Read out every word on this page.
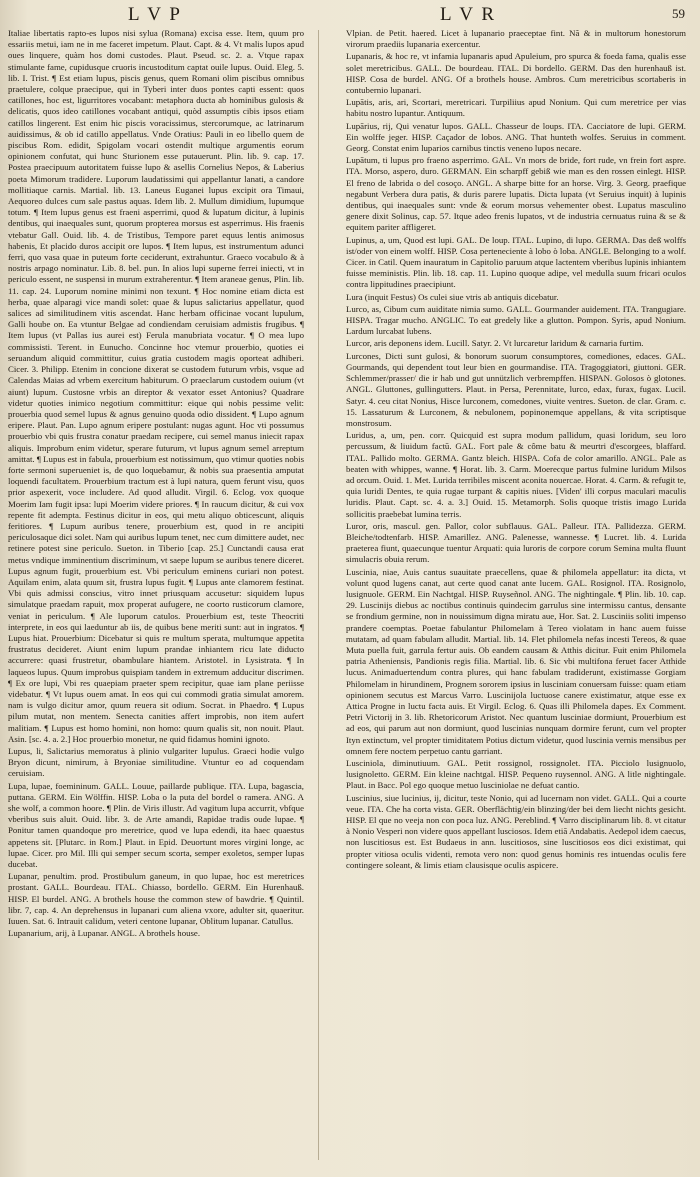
L V P	L V R	59

Italiae libertatis rapto-es lupos nisi sylua (Romana) excisa esse. Item, quum pro essariis metui, iam ne in me faceret impetum. Plaut. Capt. & 4. Vt malis lupos apud oues linquere, quàm hos domi custodes. Plaut. Pseud. sc. 2. a. Vtque rapax stimulante fame, cupidusque cruoris incustoditum captat ouile lupus. Ouid. Eleg. 5. lib. I. Trist. ¶ Est etiam lupus, piscis genus, quem Romani olim piscibus omnibus praetulere, colque praecipue, qui in Tyberi inter duos pontes capti essent: quos catillones, hoc est, ligurritores vocabant: metaphora ducta ab hominibus gulosis & delicatis, quos ideo catillones vocabant antiqui, quòd assumptis cibis ipsos etiam catillos lingerent. Est enim hic piscis voracissimus, stercorumque, ac latrinarum auidissimus, & ob id catillo appellatus. Vnde Oratius: Pauli in eo libello quem de piscibus Rom. edidit, Spigolam vocari ostendit multique argumentis eorum opinionem confutat, qui hunc Sturionem esse putauerunt. Plin. lib. 9. cap. 17. Postea praecipuum autoritatem fuisse lupo & asellis Cornelius Nepos, & Laberius poeta Mimorum tradidere. Luporum laudatissimi qui appellantur lanati, a candore mollitiaque carnis. Martial. lib. 13. Laneus Euganei lupus excipit ora Timaui, Aequoreo dulces cum sale pastus aquas. Idem lib. 2. Mullum dimidium, lupumque totum. ¶ Item lupus genus est fraeni asperrimi, quod & lupatum dicitur, à lupinis dentibus, qui inaequales sunt, quorum propterea morsus est asperrimus. His fraenis vtebatur Gall. Ouid. lib. 4. de Tristibus, Tempore paret equus lentis animosus habenis, Et placido duros accipit ore lupos. ¶ Item lupus, est instrumentum adunci ferri, quo vasa quae in puteum forte ceciderunt, extrahuntur. Graeco vocabulo & à nostris arpago nominatur. Lib. 8. bel. pun. In alios lupi superne ferrei iniecti, vt in periculo essent, ne suspensi in murum extraherentur. ¶ Item araneae genus, Plin. lib. 11. cap. 24. Luporum nomine minimi non texunt. ¶ Hoc nomine etiam dicta est herba, quae alparagi vice mandi solet: quae & lupus salictarius appellatur, quod salices ad similitudinem vitis ascendat. Hanc herbam officinae vocant lupulum, Galli hoube on. Ea vtuntur Belgae ad condiendam ceruisiam admistis frugibus. ¶ Item lupus (vt Pallas ius aurei est) Ferula manubriata vocatur. ¶ O mea lupo commissisti. Terent. in Eunucho. Concinne hoc vtemur prouerbio, quoties ei seruandum aliquid committitur, cuius gratia custodem magis oporteat adhiberi. Cicer. 3. Philipp. Etenim in concione dixerat se custodem futurum vrbis, vsque ad Calendas Maias ad vrbem exercitum habiturum. O praeclarum custodem ouium (vt aiunt) lupum. Custosne vrbis an direptor & vexator esset Antonius? Quadrare videtur quoties inimico negotium committitur: eique qui nobis pessime velit: prouerbia quod semel lupus & agnus genuino quoda odio dissident. ¶ Lupo agnum eripere. Plaut. Pan. Lupo agnum eripere postulant: nugas agunt. Hoc vti possumus prouerbio vbi quis frustra conatur praedam recipere, cui semel manus iniecit rapax aliquis. Improbum enim videtur, sperare futurum, vt lupus agnum semel arreptum amittat. ¶ Lupus est in fabula, prouerbium est notissimum, quo vtimur quoties nobis forte sermoni superueniet is, de quo loquebamur, & nobis sua praesentia amputat loquendi facultatem. Prouerbium tractum est à lupi natura, quem ferunt visu, quos prior aspexerit, voce includere. Ad quod alludit. Virgil. 6. Eclog. vox quoque Moerim Iam fugit ipsa: lupi Moerim videre priores. ¶ In raucum dicitur, & cui vox repente fit adempta. Festinus dicitur in eos, qui metu aliquo obticescunt, aliquis feritiores. ¶ Lupum auribus tenere, prouerbium est, quod in re ancipiti periculosaque dici solet. Nam qui auribus lupum tenet, nec cum dimittere audet, nec retinere potest sine periculo. Sueton. in Tiberio [cap. 25.] Cunctandi causa erat metus vndique imminentium discriminum, vt saepe lupum se auribus tenere diceret. Lupus agnum fugit, prouerbium est. Vbi periculum eminens curiari non potest. Aquilam enim, alata quum sit, frustra lupus fugit. ¶ Lupus ante clamorem festinat. Vbi quis admissi conscius, vitro innet priusquam accusetur: siquidem lupus simulatque praedam rapuit, mox properat aufugere, ne coorto rusticorum clamore, veniat in periculum. ¶ Ale luporum catulos. Prouerbium est, teste Theocriti interprete, in eos qui laeduntur ab iis, de quibus bene meriti sunt: aut in ingratos. ¶ Lupus hiat. Prouerbium: Dicebatur si quis re multum sperata, multumque appetita frustratus decideret. Aiunt enim lupum prandae inhiantem ricu late diducto accurrere: quasi frustretur, obambulare hiantem. Aristotel. in Lysistrata. ¶ In laqueos lupus. Quum improbus quispiam tandem in extremum adducitur discrimen. ¶ Ex ore lupi, Vbi res quaepiam praeter spem recipitur, quae iam plane periisse videbatur. ¶ Vt lupus ouem amat. In eos qui cui commodi gratia simulat amorem. nam is vulgo dicitur amor, quum reuera sit odium. Socrat. in Phaedro. ¶ Lupus pilum mutat, non mentem. Senecta canities affert improbis, non item aufert malitiam. ¶ Lupus est homo homini, non homo: quum qualis sit, non nouit. Plaut. Asin. [sc. 4. a. 2.] Hoc prouerbio monetur, ne quid fidamus homini ignoto.

Lupus, li, Salictarius memoratus à plinio vulgariter lupulus. Graeci hodie vulgo Bryon dicunt, nimirum, à Bryoniae similitudine. Vtuntur eo ad coquendam ceruisiam.

Lupa, lupae, foemininum. GALL. Louue, paillarde publique. ITA. Lupa, bagascia, puttana. GERM. Ein Wölffin. HISP. Loba o la puta del bordel o ramera. ANG. A she wolf, a common hoore. ¶ Plin. de Viris illustr. Ad vagitum lupa accurrit, vbfque vberibus suis aluit. Ouid. libr. 3. de Arte amandi, Rapidae tradis oude lupae. ¶ Ponitur tamen quandoque pro meretrice, quod ve lupa edendi, ita haec quaestus appetens sit. [Plutarc. in Rom.] Plaut. in Epid. Deuortunt mores virgini longe, ac lupae. Cicer. pro Mil. Illi qui semper secum scorta, semper exoletos, semper lupas ducebat.

Lupanar, penultim. prod. Prostibulum ganeum, in quo lupae, hoc est meretrices prostant. GALL. Bourdeau. ITAL. Chiasso, bordello. GERM. Ein Hurenhauß. HISP. El burdel. ANG. A brothels house the common stew of bawdrie. ¶ Quintil. libr. 7, cap. 4. An deprehensus in lupanari cum aliena vxore, adulter sit, quaeritur. Iuuen. Sat. 6. Intrauit calidum, veteri centone lupanar, Oblitum lupanar. Catullus.

Lupanarium, arij, à Lupanar. ANGL. A brothels house.

Vlpian. de Petit. haered. Licet à lupanario praeceptae fint. Nã & in multorum honestorum virorum praediis lupanaria exercentur.

Lupanaris, & hoc re, vt infamia lupanaris apud Apuleium, pro spurca & foeda fama, qualis esse solet meretricibus. GALL. De bourdeau. ITAL. Di bordello. GERM. Das den hurenhauß ist. HISP. Cosa de burdel. ANG. Of a brothels house. Ambros. Cum meretricibus scortaberis in contubernio lupanari.

Lupātis, aris, ari, Scortari, meretricari. Turpiliius apud Nonium. Qui cum meretrice per vias habitu nostro lupantur. Antiquum.

Lupārius, rij, Qui venatur lupos. GALL. Chasseur de loups. ITA. Cacciatore de lupi. GERM. Ein wolffe jeger. HISP. Caçador de lobos. ANG. That hunteth wolfes. Seruius in comment. Georg. Constat enim luparios carnibus tinctis veneno lupos necare.

Lupātum, ti lupus pro fraeno asperrimo. GAL. Vn mors de bride, fort rude, vn frein fort aspre. ITA. Morso, aspero, duro. GERMAN. Ein scharpff gebiß wie man es den rossen einlegt. HISP. El freno de labrida o del cosoço. ANGL. A sharpe bitte for an horse. Virg. 3. Georg. praefique negabunt Verbera dura patis, & duris parere lupatis. Dicta lupata (vt Seruius inquit) à lupinis dentibus, qui inaequales sunt: vnde & eorum morsus vehementer obest. Lupatus masculino genere dixit Solinus, cap. 57. Itque adeo frenis lupatos, vt de industria cernuatus ruina & se & equitem pariter affligeret.

Lupinus, a, um, Quod est lupi. GAL. De loup. ITAL. Lupino, di lupo. GERMA. Das deß wolffs ist/oder von einem wolff. HISP. Cosa perteneciente à lobo ò loba. ANGLE. Belonging to a wolf. Cicer. in Catil. Quem inauratum in Capitolio paruum atque lactentem vberibus lupinis inhiantem fuisse meministis. Plin. lib. 18. cap. 11. Lupino quoque adipe, vel medulla suum fricari oculos contra lippitudines praecipiunt.

Lura (inquit Festus) Os culei siue vtris ab antiquis dicebatur.

Lurco, as, Cibum cum auiditate nimia sumo. GALL. Gourmander auidement. ITA. Trangugiare. HISPA. Tragar mucho. ANGLIC. To eat gredely like a glutton. Pompon. Syris, apud Nonium. Lardum lurcabat lubens.

Lurcor, aris deponens idem. Lucill. Satyr. 2. Vt lurcaretur laridum & carnaria furtim.

Lurcones, Dicti sunt gulosi, & bonorum suorum consumptores, comediones, edaces. GAL. Gourmands, qui dependent tout leur bien en gourmandise. ITA. Tragoggiatori, giuttoni. GER. Schlemmer/prasser/ die ir hab und gut unnützlich verbrempffen. HISPAN. Golosos ò glotones. ANGL. Gluttones, gullingutters. Plaut. in Persa, Perennitate, lurco, edax, furax, fugax. Lucil. Satyr. 4. ceu citat Nonius, Hisce lurconem, comedones, viuite ventres. Sueton. de clar. Gram. c. 15. Lassaturum & Lurconem, & nebulonem, popinonemque appellans, & vita scriptisque monstrosum.

Luridus, a, um, pen. corr. Quicquid est supra modum pallidum, quasi loridum, seu loro percussum, & liuidum factū. GAL. Fort pale & côme batu & meurtri d'escorgees, blaffard. ITAL. Pallido molto. GERMA. Gantz bleich. HISPA. Cofa de color amarillo. ANGL. Pale as beaten with whippes, wanne. ¶ Horat. lib. 3. Carm. Moerecque partus fulmine luridum Milsos ad orcum. Ouid. 1. Met. Lurida terribiles miscent aconita nouercae. Horat. 4. Carm. & refugit te, quia luridi Dentes, te quia rugae turpant & capitis niues. [Viden' illi corpus maculari maculis luridis. Plaut. Capt. sc. 4. a. 3.] Ouid. 15. Metamorph. Solis quoque tristis imago Lurida sollicitis praebebat lumina terris.

Luror, oris, mascul. gen. Pallor, color subflauus. GAL. Palleur. ITA. Pallidezza. GERM. Bleiche/todtenfarb. HISP. Amarillez. ANG. Palenesse, wannesse. ¶ Lucret. lib. 4. Lurida praeterea fiunt, quaecunque tuentur Arquati: quia luroris de corpore corum Semina multa fluunt simulacris obuia rerum.

Luscinia, niae, Auis cantus suauitate praecellens, quae & philomela appellatur: ita dicta, vt volunt quod lugens canat, aut certe quod canat ante lucem. GAL. Rosignol. ITA. Rosignolo, lusignuole. GERM. Ein Nachtgal. HISP. Ruyseñnol. ANG. The nightingale. ¶ Plin. lib. 10. cap. 29. Luscinijs diebus ac noctibus continuis quindecim garrulus sine intermissu cantus, densante se frondium germine, non in nouissimum digna miratu aue, Hor. Sat. 2. Lusciniis soliti impenso prandere coemptas. Poetae fabulantur Philomelam à Tereo violatam in hanc auem fuisse mutatam, ad quam fabulam alludit. Martial. lib. 14. Flet philomela nefas incesti Tereos, & quae Muta puella fuit, garrula fertur auis. Ob eandem causam & Atthis dicitur. Fuit enim Philomela patria Atheniensis, Pandionis regis filia. Martial. lib. 6. Sic vbi multifona feruet facer Atthide lucus. Animaduertendum contra plures, qui hanc fabulam tradiderunt, existimasse Gorgiam Philomelam in hirundinem, Prognem sororem ipsius in lusciniam conuersam fuisse: quam etiam opinionem secutus est Marcus Varro. Luscinijola luctuose canere existimatur, atque esse ex Attica Progne in luctu facta auis. Et Virgil. Eclog. 6. Quas illi Philomela dapes. Ex Comment. Petri Victorij in 3. lib. Rhetoricorum Aristot. Nec quantum lusciniae dormiunt, Prouerbium est ad eos, qui parum aut non dormiunt, quod luscinias nunquam dormire ferunt, cum vel propter Ityn extinctum, vel propter timiditatem Potius dictum videtur, quod luscinia vernis mensibus per omnem fere noctem perpetuo cantu garriant.

Lusciniola, diminutiuum. GAL. Petit rossignol, rossignolet. ITA. Picciolo lusignuolo, lusignoletto. GERM. Ein kleine nachtgal. HISP. Pequeno ruysennol. ANG. A litle nightingale. Plaut. in Bacc. Pol ego quoque metuo lusciniolae ne defuat cantio.

Luscinius, siue lucinius, ij, dicitur, teste Nonio, qui ad lucernam non videt. GALL. Qui a courte veue. ITA. Che ha corta vista. GER. Oberflächtig/ein blinzing/der bei dem liecht nichts gesicht. HISP. El que no veeja non con poca luz. ANG. Pereblind. ¶ Varro disciplinarum lib. 8. vt citatur à Nonio Vesperi non videre quos appellant lusciosos. Idem etiā Andabatis. Aedepol idem caecus, non luscitiosus est. Est Budaeus in ann. luscitiosos, sine luscitiosos eos dici existimat, qui propter vitiosa oculis videnti, remota vero non: quod genus hominis res intuendas oculis fere contingere soleant, & limis etiam clausisque oculis aspicere.
